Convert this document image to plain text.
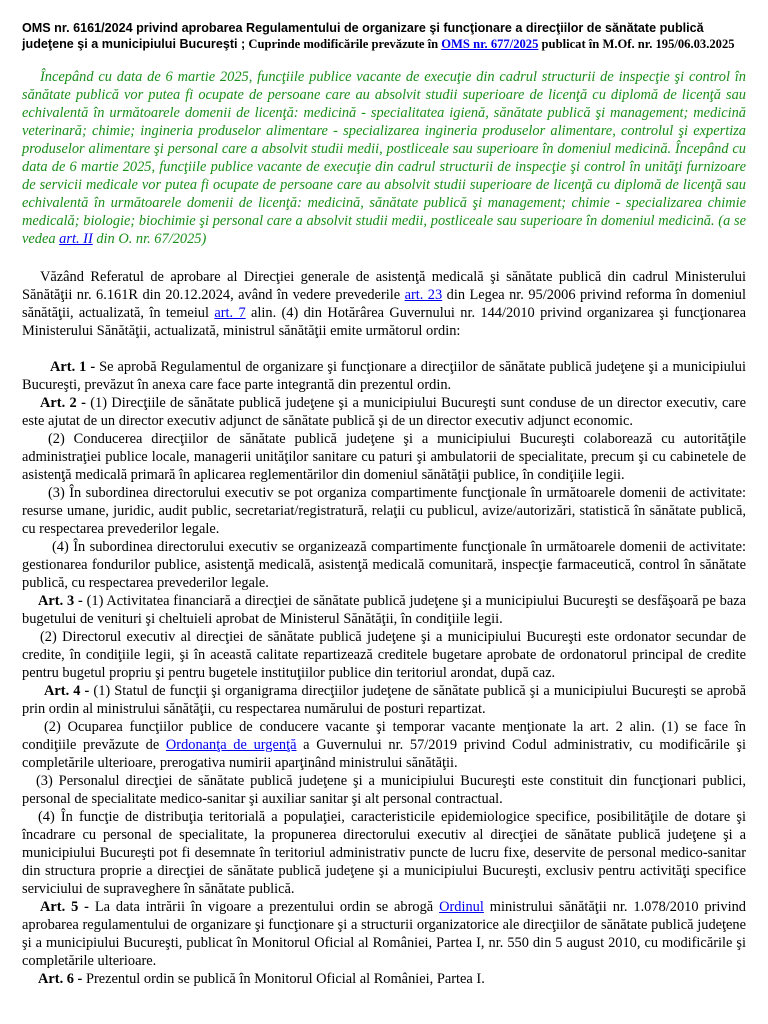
OMS nr. 6161/2024 privind aprobarea Regulamentului de organizare şi funcţionare a direcţiilor de sănătate publică judeţene şi a municipiului Bucureşti ; Cuprinde modificările prevăzute în OMS nr. 677/2025 publicat în M.Of. nr. 195/06.03.2025

Începând cu data de 6 martie 2025, funcţiile publice vacante de execuţie din cadrul structurii de inspecţie şi control în sănătate publică vor putea fi ocupate de persoane care au absolvit studii superioare de licenţă cu diplomă de licenţă sau echivalentă în următoarele domenii de licenţă: medicină - specialitatea igienă, sănătate publică şi management; medicină veterinară; chimie; ingineria produselor alimentare - specializarea ingineria produselor alimentare, controlul şi expertiza produselor alimentare şi personal care a absolvit studii medii, postliceale sau superioare în domeniul medicină. Începând cu data de 6 martie 2025, funcţiile publice vacante de execuţie din cadrul structurii de inspecţie şi control în unităţi furnizoare de servicii medicale vor putea fi ocupate de persoane care au absolvit studii superioare de licenţă cu diplomă de licenţă sau echivalentă în următoarele domenii de licenţă: medicină, sănătate publică şi management; chimie - specializarea chimie medicală; biologie; biochimie şi personal care a absolvit studii medii, postliceale sau superioare în domeniul medicină. (a se vedea art. II din O. nr. 67/2025)

Văzând Referatul de aprobare al Direcţiei generale de asistenţă medicală şi sănătate publică din cadrul Ministerului Sănătăţii nr. 6.161R din 20.12.2024, având în vedere prevederile art. 23 din Legea nr. 95/2006 privind reforma în domeniul sănătăţii, actualizată, în temeiul art. 7 alin. (4) din Hotărârea Guvernului nr. 144/2010 privind organizarea şi funcţionarea Ministerului Sănătăţii, actualizată, ministrul sănătăţii emite următorul ordin:

Art. 1 - Se aprobă Regulamentul de organizare şi funcţionare a direcţiilor de sănătate publică judeţene şi a municipiului Bucureşti, prevăzut în anexa care face parte integrantă din prezentul ordin.

Art. 2 - (1) Direcţiile de sănătate publică judeţene şi a municipiului Bucureşti sunt conduse de un director executiv, care este ajutat de un director executiv adjunct de sănătate publică şi de un director executiv adjunct economic.

(2) Conducerea direcţiilor de sănătate publică judeţene şi a municipiului Bucureşti colaborează cu autorităţile administraţiei publice locale, managerii unităţilor sanitare cu paturi şi ambulatorii de specialitate, precum şi cu cabinetele de asistenţă medicală primară în aplicarea reglementărilor din domeniul sănătăţii publice, în condiţiile legii.

(3) În subordinea directorului executiv se pot organiza compartimente funcţionale în următoarele domenii de activitate: resurse umane, juridic, audit public, secretariat/registratură, relaţii cu publicul, avize/autorizări, statistică în sănătate publică, cu respectarea prevederilor legale.

(4) În subordinea directorului executiv se organizează compartimente funcţionale în următoarele domenii de activitate: gestionarea fondurilor publice, asistenţă medicală, asistenţă medicală comunitară, inspecţie farmaceutică, control în sănătate publică, cu respectarea prevederilor legale.

Art. 3 - (1) Activitatea financiară a direcţiei de sănătate publică judeţene şi a municipiului Bucureşti se desfăşoară pe baza bugetului de venituri şi cheltuieli aprobat de Ministerul Sănătăţii, în condiţiile legii.

(2) Directorul executiv al direcţiei de sănătate publică judeţene şi a municipiului Bucureşti este ordonator secundar de credite, în condiţiile legii, şi în această calitate repartizează creditele bugetare aprobate de ordonatorul principal de credite pentru bugetul propriu şi pentru bugetele instituţiilor publice din teritoriul arondat, după caz.

Art. 4 - (1) Statul de funcţii şi organigrama direcţiilor judeţene de sănătate publică şi a municipiului Bucureşti se aprobă prin ordin al ministrului sănătăţii, cu respectarea numărului de posturi repartizat.

(2) Ocuparea funcţiilor publice de conducere vacante şi temporar vacante menţionate la art. 2 alin. (1) se face în condiţiile prevăzute de Ordonanţa de urgenţă a Guvernului nr. 57/2019 privind Codul administrativ, cu modificările şi completările ulterioare, prerogativa numirii aparţinând ministrului sănătăţii.

(3) Personalul direcţiei de sănătate publică judeţene şi a municipiului Bucureşti este constituit din funcţionari publici, personal de specialitate medico-sanitar şi auxiliar sanitar şi alt personal contractual.

(4) În funcţie de distribuţia teritorială a populaţiei, caracteristicile epidemiologice specifice, posibilităţile de dotare şi încadrare cu personal de specialitate, la propunerea directorului executiv al direcţiei de sănătate publică judeţene şi a municipiului Bucureşti pot fi desemnate în teritoriul administrativ puncte de lucru fixe, deservite de personal medico-sanitar din structura proprie a direcţiei de sănătate publică judeţene şi a municipiului Bucureşti, exclusiv pentru activităţi specifice serviciului de supraveghere în sănătate publică.

Art. 5 - La data intrării în vigoare a prezentului ordin se abrogă Ordinul ministrului sănătăţii nr. 1.078/2010 privind aprobarea regulamentului de organizare şi funcţionare şi a structurii organizatorice ale direcţiilor de sănătate publică judeţene şi a municipiului Bucureşti, publicat în Monitorul Oficial al României, Partea I, nr. 550 din 5 august 2010, cu modificările şi completările ulterioare.

Art. 6 - Prezentul ordin se publică în Monitorul Oficial al României, Partea I.
